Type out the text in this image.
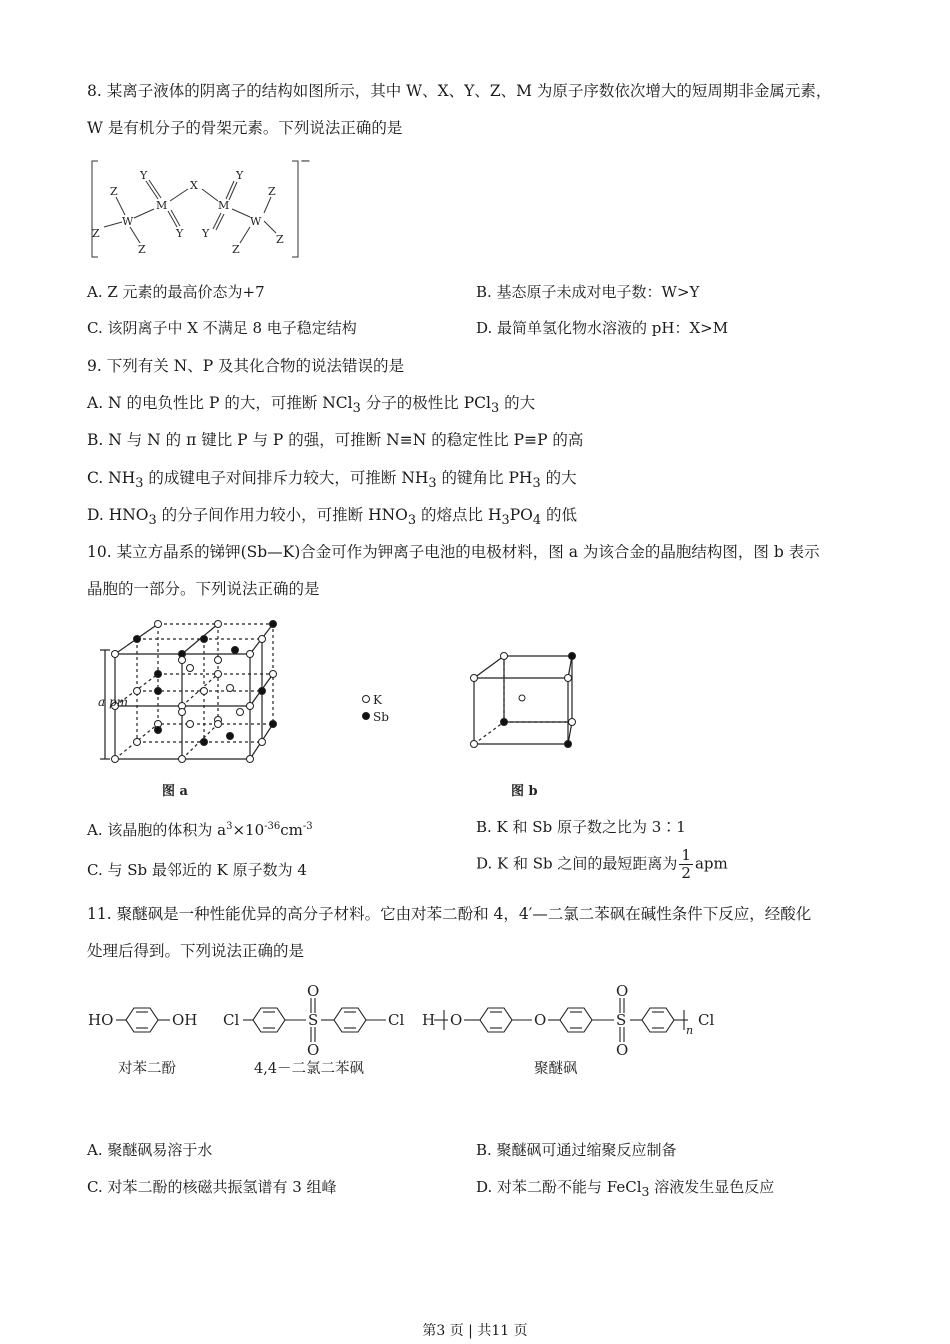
8. 某离子液体的阴离子的结构如图所示，其中 W、X、Y、Z、M 为原子序数依次增大的短周期非金属元素，
W 是有机分子的骨架元素。下列说法正确的是
Z
W
Z
Z
Y
M
Y
X
Y
M
Y
W
Z
Z
Z
−
A. Z 元素的最高价态为+7	B. 基态原子未成对电子数：W>Y
C. 该阴离子中 X 不满足 8 电子稳定结构	D. 最简单氢化物水溶液的 pH：X>M
9. 下列有关 N、P 及其化合物的说法错误的是
A. N 的电负性比 P 的大，可推断 NCl$_3$ 分子的极性比 PCl$_3$ 的大
B. N 与 N 的 π 键比 P 与 P 的强，可推断 N≡N 的稳定性比 P≡P 的高
C. $NH_3$ 的成键电子对间排斥力较大，可推断 $NH_3$ 的键角比 $PH_3$ 的大
D. $HNO_3$ 的分子间作用力较小，可推断 $HNO_3$ 的熔点比 $H_3PO_4$ 的低
10. 某立方晶系的锑钾(Sb—K)合金可作为钾离子电池的电极材料，图 a 为该合金的晶胞结构图，图 b 表示
晶胞的一部分。下列说法正确的是
a pm
图 a
K
Sb
图 b
A. 该晶胞的体积为 $a^3\times 10^{-36}cm^{-3}$	B. K 和 Sb 原子数之比为 3∶1
C. 与 Sb 最邻近的 K 原子数为 4	D. K 和 Sb 之间的最短距离为 $\frac{1}{2}$ apm
11. 聚醚砜是一种性能优异的高分子材料。它由对苯二酚和 4，4′—二氯二苯砜在碱性条件下反应，经酸化
处理后得到。下列说法正确的是
HO	OH Cl	S
O
O
Cl H O	O	S
O
O
n
Cl
对苯二酚	4,4－二氯二苯砜	聚醚砜
A. 聚醚砜易溶于水	B. 聚醚砜可通过缩聚反应制备
C. 对苯二酚的核磁共振氢谱有 3 组峰	D. 对苯二酚不能与 FeCl$_3$ 溶液发生显色反应
第3 页 | 共11 页
